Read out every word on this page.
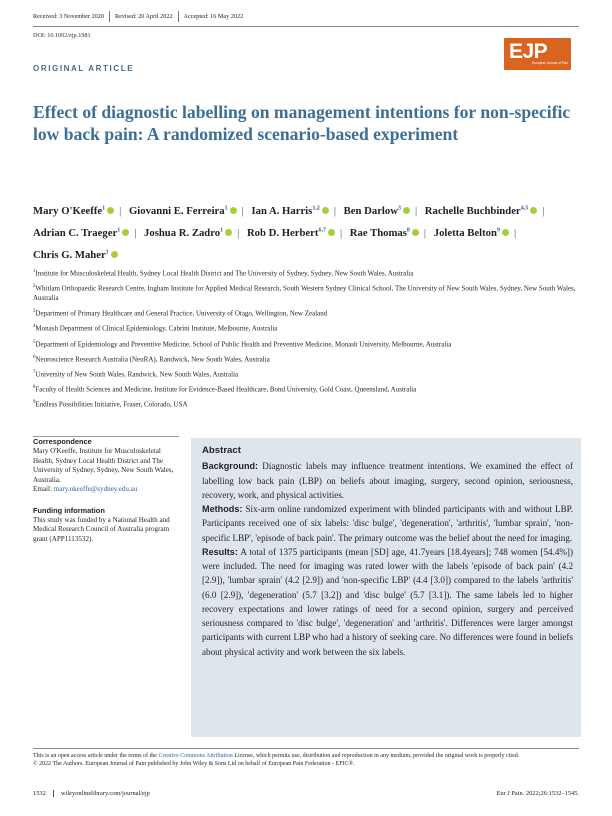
Received: 3 November 2020 Revised: 20 April 2022 Accepted: 16 May 2022
DOI: 10.1002/ejp.1981
EJP
European Journal of Pain
ORIGINAL ARTICLE
Effect of diagnostic labelling on management intentions for non-specific low back pain: A randomized scenario-based experiment
Mary O'Keeffe$^1$ | Giovanni E. Ferreira$^1$ | Ian A. Harris$^{1,2}$ | Ben Darlow$^3$ | Rachelle Buchbinder$^{4,5}$ | Adrian C. Traeger$^1$ | Joshua R. Zadro$^1$ | Rob D. Herbert$^{6,7}$ | Rae Thomas$^8$ | Joletta Belton$^9$ | Chris G. Maher$^1$

$^1$Institute for Musculoskeletal Health, Sydney Local Health District and The University of Sydney, Sydney, New South Wales, Australia

$^2$Whitlam Orthopaedic Research Centre, Ingham Institute for Applied Medical Research, South Western Sydney Clinical School, The University of New South Wales, Sydney, New South Wales, Australia

$^3$Department of Primary Healthcare and General Practice, University of Otago, Wellington, New Zealand

$^4$Monash Department of Clinical Epidemiology, Cabrini Institute, Melbourne, Australia

$^5$Department of Epidemiology and Preventive Medicine, School of Public Health and Preventive Medicine, Monash University, Melbourne, Australia

$^6$Neuroscience Research Australia (NeuRA), Randwick, New South Wales, Australia

$^7$University of New South Wales, Randwick, New South Wales, Australia

$^8$Faculty of Health Sciences and Medicine, Institute for Evidence-Based Healthcare, Bond University, Gold Coast, Queensland, Australia

$^9$Endless Possibilities Initiative, Fraser, Colorado, USA

Correspondence
Mary O'Keeffe, Institute for Musculoskeletal Health, Sydney Local Health District and The University of Sydney, Sydney, New South Wales, Australia.
Email: mary.okeeffe@sydney.edu.au
Funding information
This study was funded by a National Health and Medical Research Council of Australia program grant (APP1113532).
Abstract

Background: Diagnostic labels may influence treatment intentions. We examined the effect of labelling low back pain (LBP) on beliefs about imaging, surgery, second opinion, seriousness, recovery, work, and physical activities.

Methods: Six-arm online randomized experiment with blinded participants with and without LBP. Participants received one of six labels: 'disc bulge', 'degeneration', 'arthritis', 'lumbar sprain', 'non-specific LBP', 'episode of back pain'. The primary outcome was the belief about the need for imaging.

Results: A total of 1375 participants (mean [SD] age, 41.7years [18.4years]; 748 women [54.4%]) were included. The need for imaging was rated lower with the labels 'episode of back pain' (4.2 [2.9]), 'lumbar sprain' (4.2 [2.9]) and 'non-specific LBP' (4.4 [3.0]) compared to the labels 'arthritis' (6.0 [2.9]), 'degeneration' (5.7 [3.2]) and 'disc bulge' (5.7 [3.1]). The same labels led to higher recovery expectations and lower ratings of need for a second opinion, surgery and perceived seriousness compared to 'disc bulge', 'degeneration' and 'arthritis'. Differences were larger amongst participants with current LBP who had a history of seeking care. No differences were found in beliefs about physical activity and work between the six labels.

This is an open access article under the terms of the Creative Commons Attribution License, which permits use, distribution and reproduction in any medium, provided the original work is properly cited.
© 2022 The Authors. European Journal of Pain published by John Wiley & Sons Ltd on behalf of European Pain Federation - EFIC®.
1532	wileyonlinelibrary.com/journal/ejp	Eur J Pain. 2022;26:1532–1545.
